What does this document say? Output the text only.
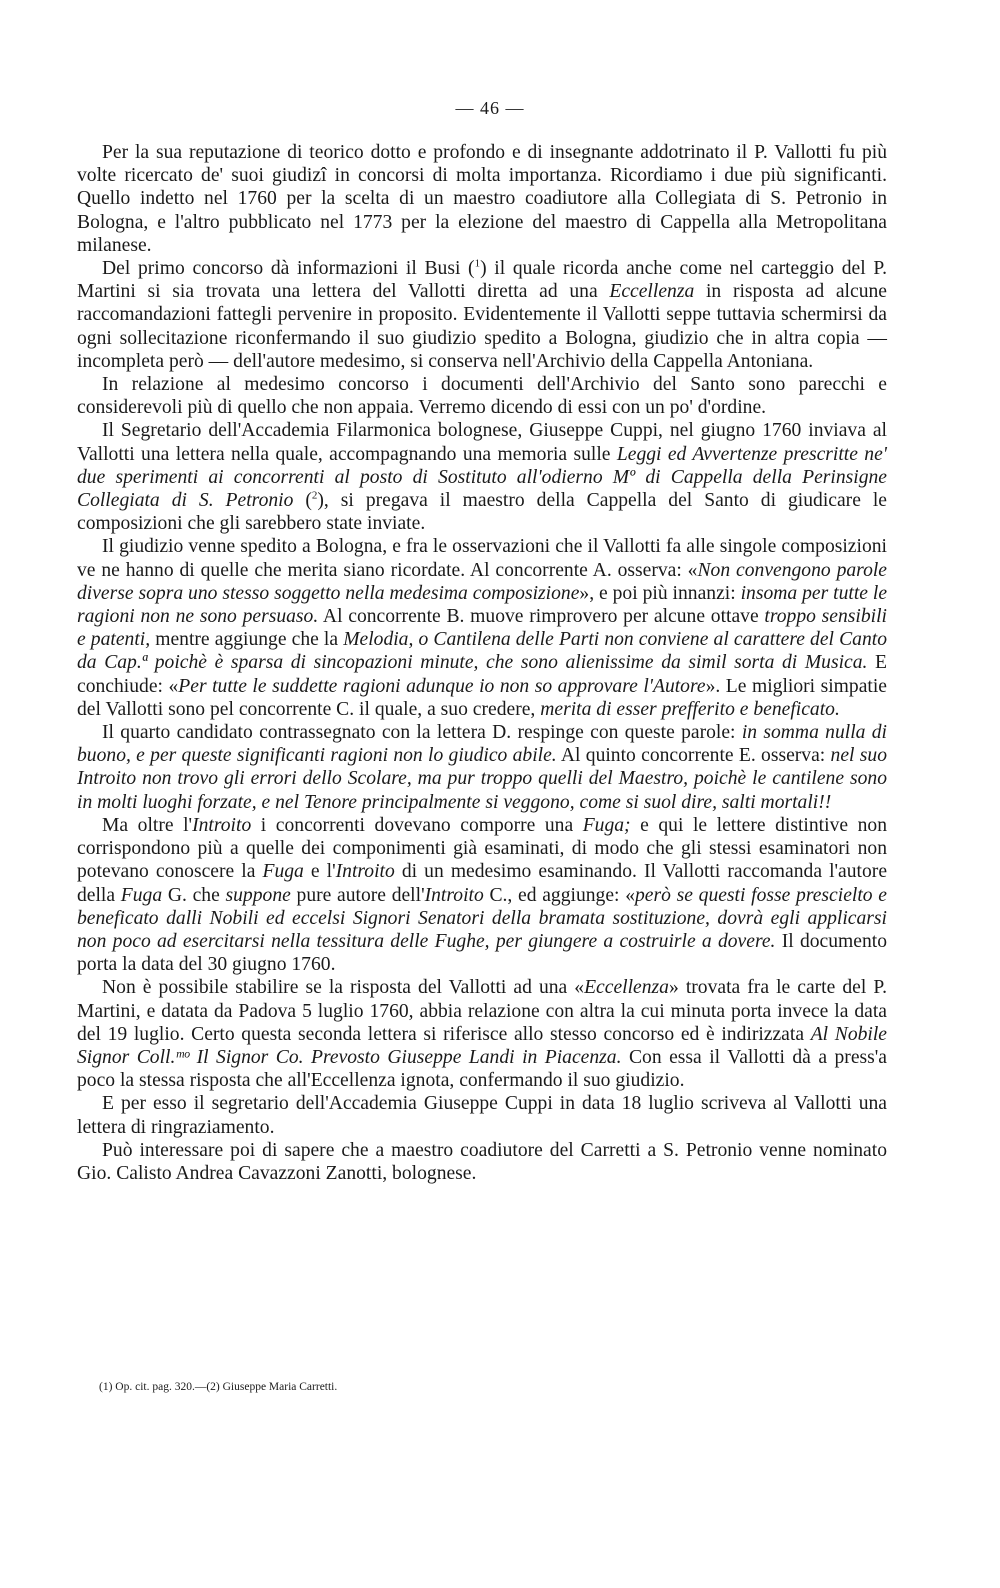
— 46 —

Per la sua reputazione di teorico dotto e profondo e di insegnante addotrinato il P. Vallotti fu più volte ricercato de' suoi giudizî in concorsi di molta importanza. Ricordiamo i due più significanti. Quello indetto nel 1760 per la scelta di un maestro coadiutore alla Collegiata di S. Petronio in Bologna, e l'altro pubblicato nel 1773 per la elezione del maestro di Cappella alla Metropolitana milanese.

Del primo concorso dà informazioni il Busi ($^1$) il quale ricorda anche come nel carteggio del P. Martini si sia trovata una lettera del Vallotti diretta ad una Eccellenza in risposta ad alcune raccomandazioni fattegli pervenire in proposito. Evidentemente il Vallotti seppe tuttavia schermirsi da ogni sollecitazione riconfermando il suo giudizio spedito a Bologna, giudizio che in altra copia — incompleta però — dell'autore medesimo, si conserva nell'Archivio della Cappella Antoniana.

In relazione al medesimo concorso i documenti dell'Archivio del Santo sono parecchi e considerevoli più di quello che non appaia. Verremo dicendo di essi con un po' d'ordine.

Il Segretario dell'Accademia Filarmonica bolognese, Giuseppe Cuppi, nel giugno 1760 inviava al Vallotti una lettera nella quale, accompagnando una memoria sulle Leggi ed Avvertenze prescritte ne' due sperimenti ai concorrenti al posto di Sostituto all'odierno Mº di Cappella della Perinsigne Collegiata di S. Petronio ($^2$), si pregava il maestro della Cappella del Santo di giudicare le composizioni che gli sarebbero state inviate.

Il giudizio venne spedito a Bologna, e fra le osservazioni che il Vallotti fa alle singole composizioni ve ne hanno di quelle che merita siano ricordate. Al concorrente A. osserva: «Non convengono parole diverse sopra uno stesso soggetto nella medesima composizione», e poi più innanzi: insoma per tutte le ragioni non ne sono persuaso. Al concorrente B. muove rimprovero per alcune ottave troppo sensibili e patenti, mentre aggiunge che la Melodia, o Cantilena delle Parti non conviene al carattere del Canto da Cap.ª poichè è sparsa di sincopazioni minute, che sono alienissime da simil sorta di Musica. E conchiude: «Per tutte le suddette ragioni adunque io non so approvare l'Autore». Le migliori simpatie del Vallotti sono pel concorrente C. il quale, a suo credere, merita di esser prefferito e beneficato.

Il quarto candidato contrassegnato con la lettera D. respinge con queste parole: in somma nulla di buono, e per queste significanti ragioni non lo giudico abile. Al quinto concorrente E. osserva: nel suo Introito non trovo gli errori dello Scolare, ma pur troppo quelli del Maestro, poichè le cantilene sono in molti luoghi forzate, e nel Tenore principalmente si veggono, come si suol dire, salti mortali!!

Ma oltre l'Introito i concorrenti dovevano comporre una Fuga; e qui le lettere distintive non corrispondono più a quelle dei componimenti già esaminati, di modo che gli stessi esaminatori non potevano conoscere la Fuga e l'Introito di un medesimo esaminando. Il Vallotti raccomanda l'autore della Fuga G. che suppone pure autore dell'Introito C., ed aggiunge: «però se questi fosse prescielto e beneficato dalli Nobili ed eccelsi Signori Senatori della bramata sostituzione, dovrà egli applicarsi non poco ad esercitarsi nella tessitura delle Fughe, per giungere a costruirle a dovere. Il documento porta la data del 30 giugno 1760.

Non è possibile stabilire se la risposta del Vallotti ad una «Eccellenza» trovata fra le carte del P. Martini, e datata da Padova 5 luglio 1760, abbia relazione con altra la cui minuta porta invece la data del 19 luglio. Certo questa seconda lettera si riferisce allo stesso concorso ed è indirizzata Al Nobile Signor Coll.ᵐᵒ Il Signor Co. Prevosto Giuseppe Landi in Piacenza. Con essa il Vallotti dà a press'a poco la stessa risposta che all'Eccellenza ignota, confermando il suo giudizio.

E per esso il segretario dell'Accademia Giuseppe Cuppi in data 18 luglio scriveva al Vallotti una lettera di ringraziamento.

Può interessare poi di sapere che a maestro coadiutore del Carretti a S. Petronio venne nominato Gio. Calisto Andrea Cavazzoni Zanotti, bolognese.

(1) Op. cit. pag. 320.—(2) Giuseppe Maria Carretti.
